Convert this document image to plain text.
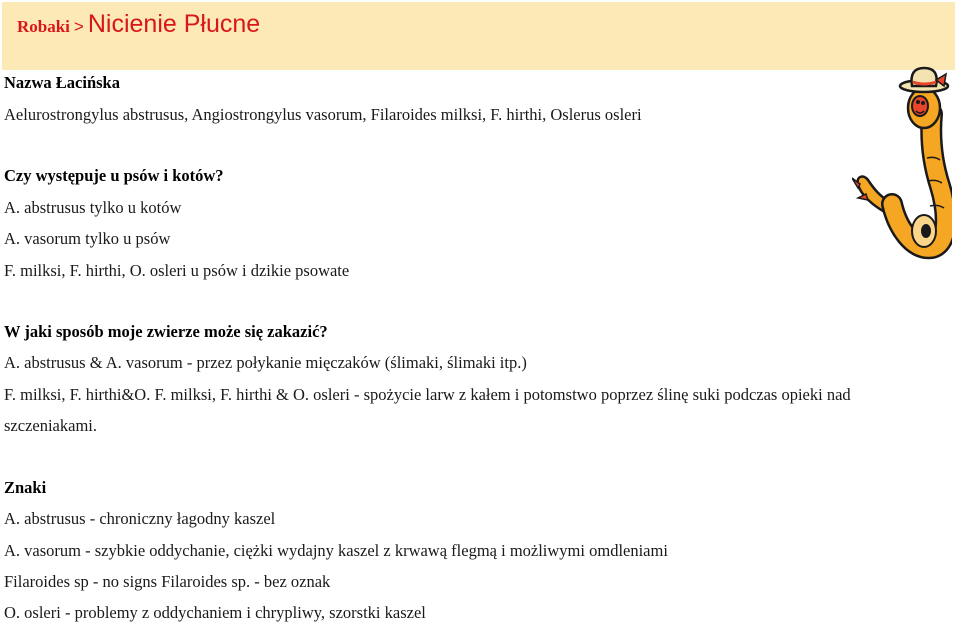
Robaki > Nicienie Płucne
Nazwa Łacińska
Aelurostrongylus abstrusus, Angiostrongylus vasorum, Filaroides milksi, F. hirthi, Oslerus osleri
Czy występuje u psów i kotów?
A. abstrusus tylko u kotów
A. vasorum tylko u psów
F. milksi, F. hirthi, O. osleri u psów i dzikie psowate
W jaki sposób moje zwierze może się zakazić?
A. abstrusus & A. vasorum - przez połykanie mięczaków (ślimaki, ślimaki itp.)
F. milksi, F. hirthi&O. F. milksi, F. hirthi & O. osleri - spożycie larw z kałem i potomstwo poprzez ślinę suki podczas opieki nad
szczeniakami.
Znaki
A. abstrusus - chroniczny łagodny kaszel
A. vasorum - szybkie oddychanie, ciężki wydajny kaszel z krwawą flegmą i możliwymi omdleniami
Filaroides sp - no signs Filaroides sp. - bez oznak
O. osleri - problemy z oddychaniem i chrypliwy, szorstki kaszel
